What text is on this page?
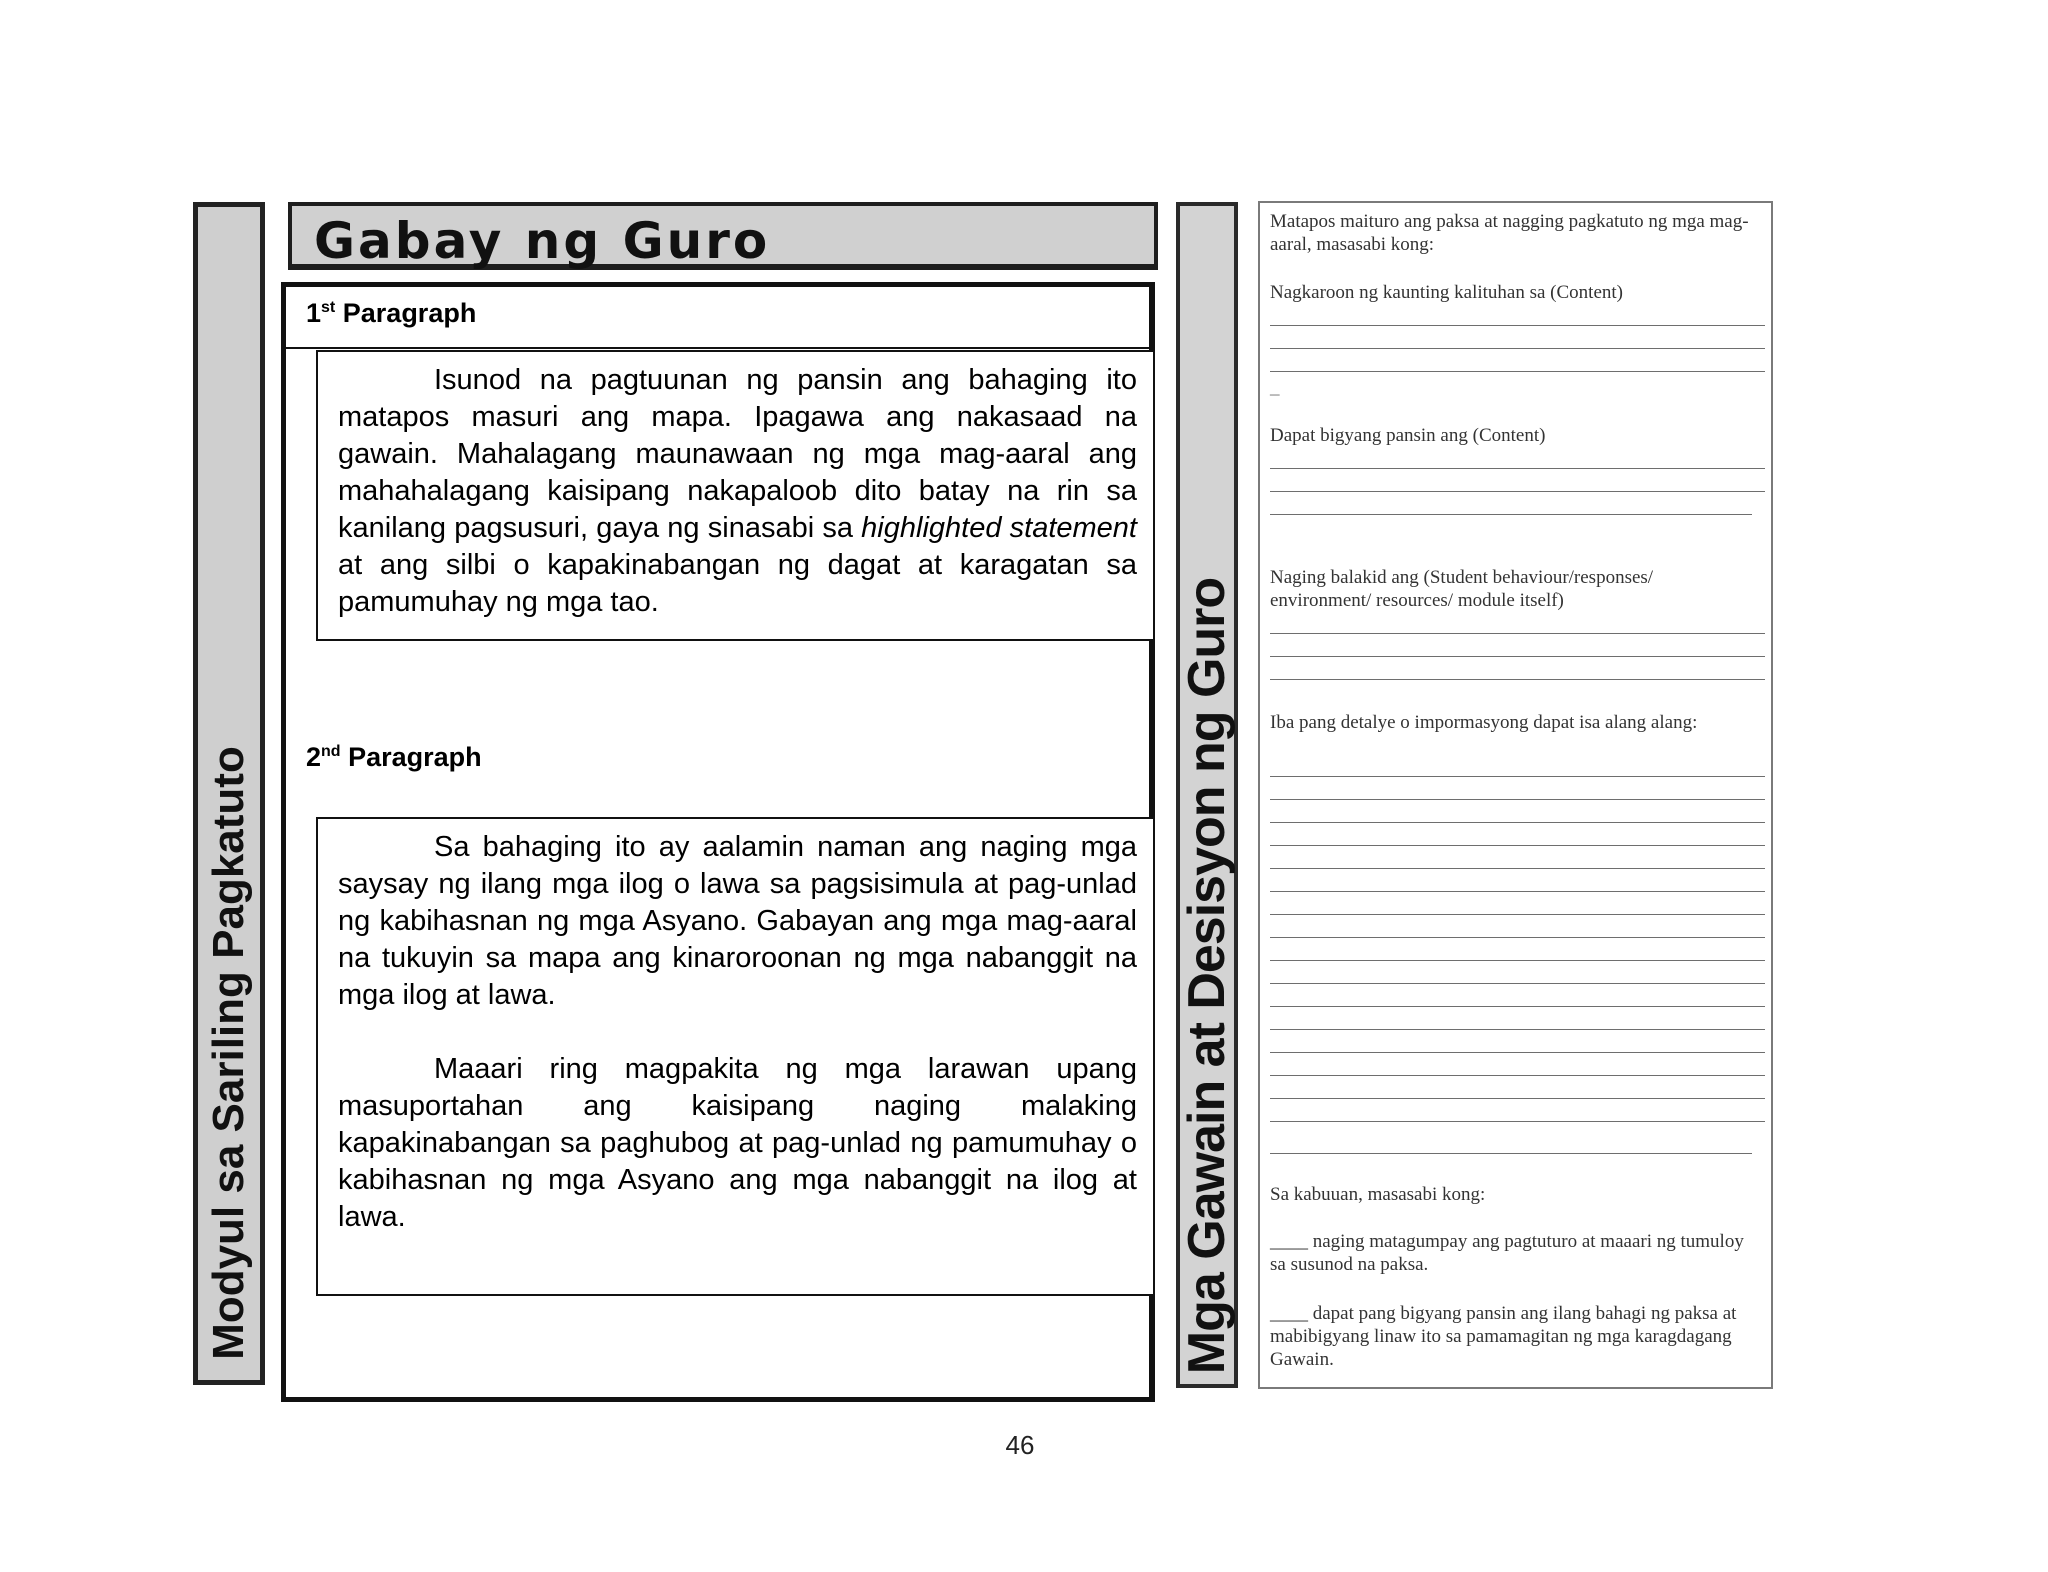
Modyul sa Sariling Pagkatuto
Gabay ng Guro
1st Paragraph

Isunod na pagtuunan ng pansin ang bahaging ito matapos masuri ang mapa. Ipagawa ang nakasaad na gawain. Mahalagang maunawaan ng mga mag-aaral ang mahahalagang kaisipang nakapaloob dito batay na rin sa kanilang pagsusuri, gaya ng sinasabi sa highlighted statement at ang silbi o kapakinabangan ng dagat at karagatan sa pamumuhay ng mga tao.

2nd Paragraph

Sa bahaging ito ay aalamin naman ang naging mga saysay ng ilang mga ilog o lawa sa pagsisimula at pag-unlad ng kabihasnan ng mga Asyano. Gabayan ang mga mag-aaral na tukuyin sa mapa ang kinaroroonan ng mga nabanggit na mga ilog at lawa.

Maaari ring magpakita ng mga larawan upang masuportahan ang kaisipang naging malaking kapakinabangan sa paghubog at pag-unlad ng pamumuhay o kabihasnan ng mga Asyano ang mga nabanggit na ilog at lawa.	Mga Gawain at Desisyon ng Guro
Matapos maituro ang paksa at nagging pagkatuto ng mga mag-aaral, masasabi kong:
Nagkaroon ng kaunting kalituhan sa (Content)
_
Dapat bigyang pansin ang (Content)
Naging balakid ang (Student behaviour/responses/ environment/ resources/ module itself)
Iba pang detalye o impormasyong dapat isa alang alang:
Sa kabuuan, masasabi kong:
____ naging matagumpay ang pagtuturo at maaari ng tumuloy sa susunod na paksa.
____ dapat pang bigyang pansin ang ilang bahagi ng paksa at mabibigyang linaw ito sa pamamagitan ng mga karagdagang Gawain.
46
